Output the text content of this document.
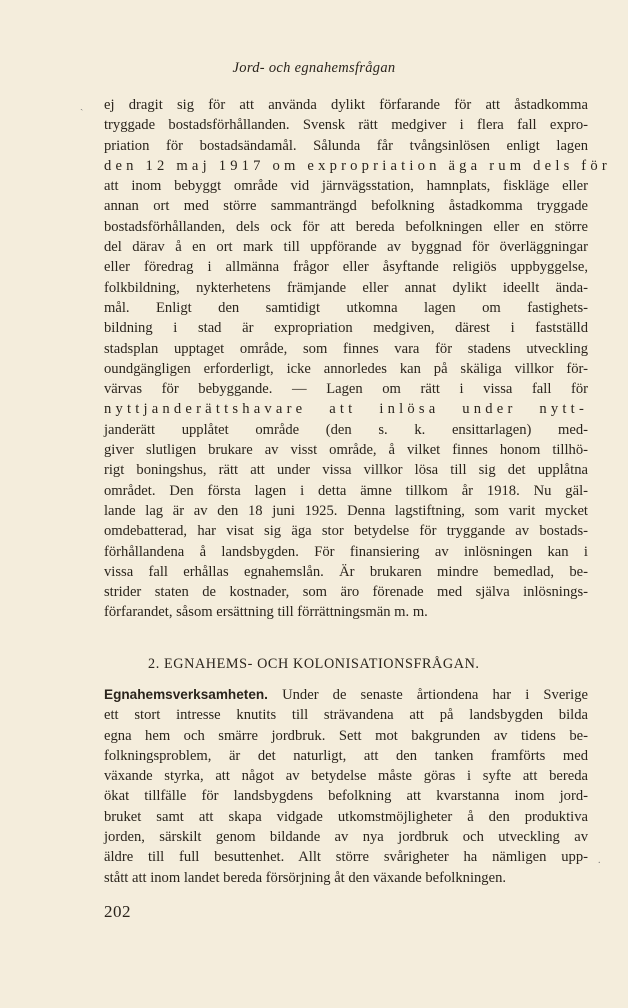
Jord- och egnahemsfrågan
ˎ ej dragit sig för att använda dylikt förfarande för att åstadkomma
tryggade bostadsförhållanden. Svensk rätt medgiver i flera fall expro-
priation för bostadsändamål. Sålunda får tvångsinlösen enligt lagen
den 12 maj 1917 om expropriation äga rum dels för
att inom bebyggt område vid järnvägsstation, hamnplats, fiskläge eller
annan ort med större sammanträngd befolkning åstadkomma tryggade
bostadsförhållanden, dels ock för att bereda befolkningen eller en större
del därav å en ort mark till uppförande av byggnad för överläggningar
eller föredrag i allmänna frågor eller åsyftande religiös uppbyggelse,
folkbildning, nykterhetens främjande eller annat dylikt ideellt ända-
mål. Enligt den samtidigt utkomna lagen om fastighets-
bildning i stad är expropriation medgiven, därest i fastställd
stadsplan upptaget område, som finnes vara för stadens utveckling
oundgängligen erforderligt, icke annorledes kan på skäliga villkor för-
värvas för bebyggande. — Lagen om rätt i vissa fall för
nyttjanderättshavare att inlösa under nytt-
janderätt upplåtet område (den s. k. ensittarlagen) med-
giver slutligen brukare av visst område, å vilket finnes honom tillhö-
rigt boningshus, rätt att under vissa villkor lösa till sig det upplåtna
området. Den första lagen i detta ämne tillkom år 1918. Nu gäl-
lande lag är av den 18 juni 1925. Denna lagstiftning, som varit mycket
omdebatterad, har visat sig äga stor betydelse för tryggande av bostads-
förhållandena å landsbygden. För finansiering av inlösningen kan i
vissa fall erhållas egnahemslån. Är brukaren mindre bemedlad, be-
strider staten de kostnader, som äro förenade med själva inlösnings-
förfarandet, såsom ersättning till förrättningsmän m. m.
2. EGNAHEMS- OCH KOLONISATIONSFRÅGAN.
Egnahemsverksamheten. Under de senaste årtiondena har i Sverige
ett stort intresse knutits till strävandena att på landsbygden bilda
egna hem och smärre jordbruk. Sett mot bakgrunden av tidens be-
folkningsproblem, är det naturligt, att den tanken framförts med
växande styrka, att något av betydelse måste göras i syfte att bereda
ökat tillfälle för landsbygdens befolkning att kvarstanna inom jord-
bruket samt att skapa vidgade utkomstmöjligheter å den produktiva
jorden, särskilt genom bildande av nya jordbruk och utveckling av
äldre till full besuttenhet. Allt större svårigheter ha nämligen upp-
stått att inom landet bereda försörjning åt den växande befolkningen.
.
202
